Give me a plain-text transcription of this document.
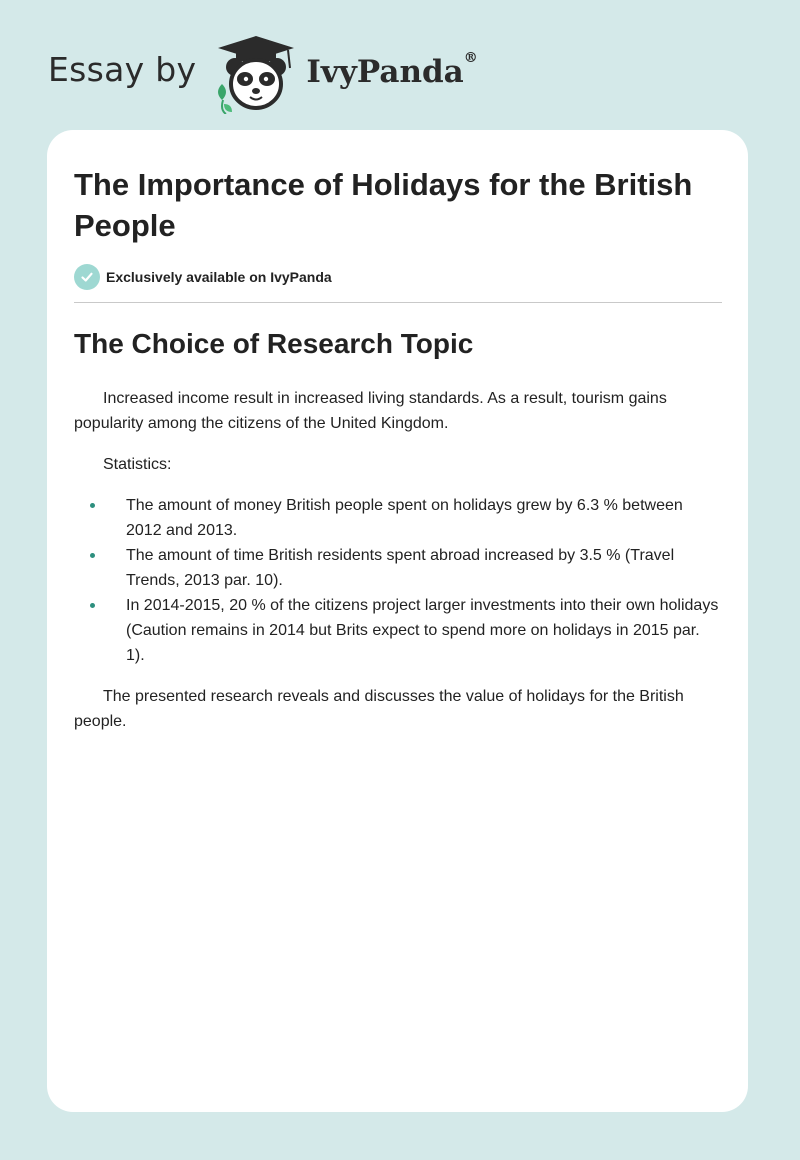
Essay by	IvyPanda®
The Importance of Holidays for the British People
Exclusively available on IvyPanda
The Choice of Research Topic

Increased income result in increased living standards. As a result, tourism gains popularity among the citizens of the United Kingdom.

Statistics:

The amount of money British people spent on holidays grew by 6.3 % between 2012 and 2013.
The amount of time British residents spent abroad increased by 3.5 % (Travel Trends, 2013 par. 10).
In 2014-2015, 20 % of the citizens project larger investments into their own holidays (Caution remains in 2014 but Brits expect to spend more on holidays in 2015 par. 1).

The presented research reveals and discusses the value of holidays for the British people.
